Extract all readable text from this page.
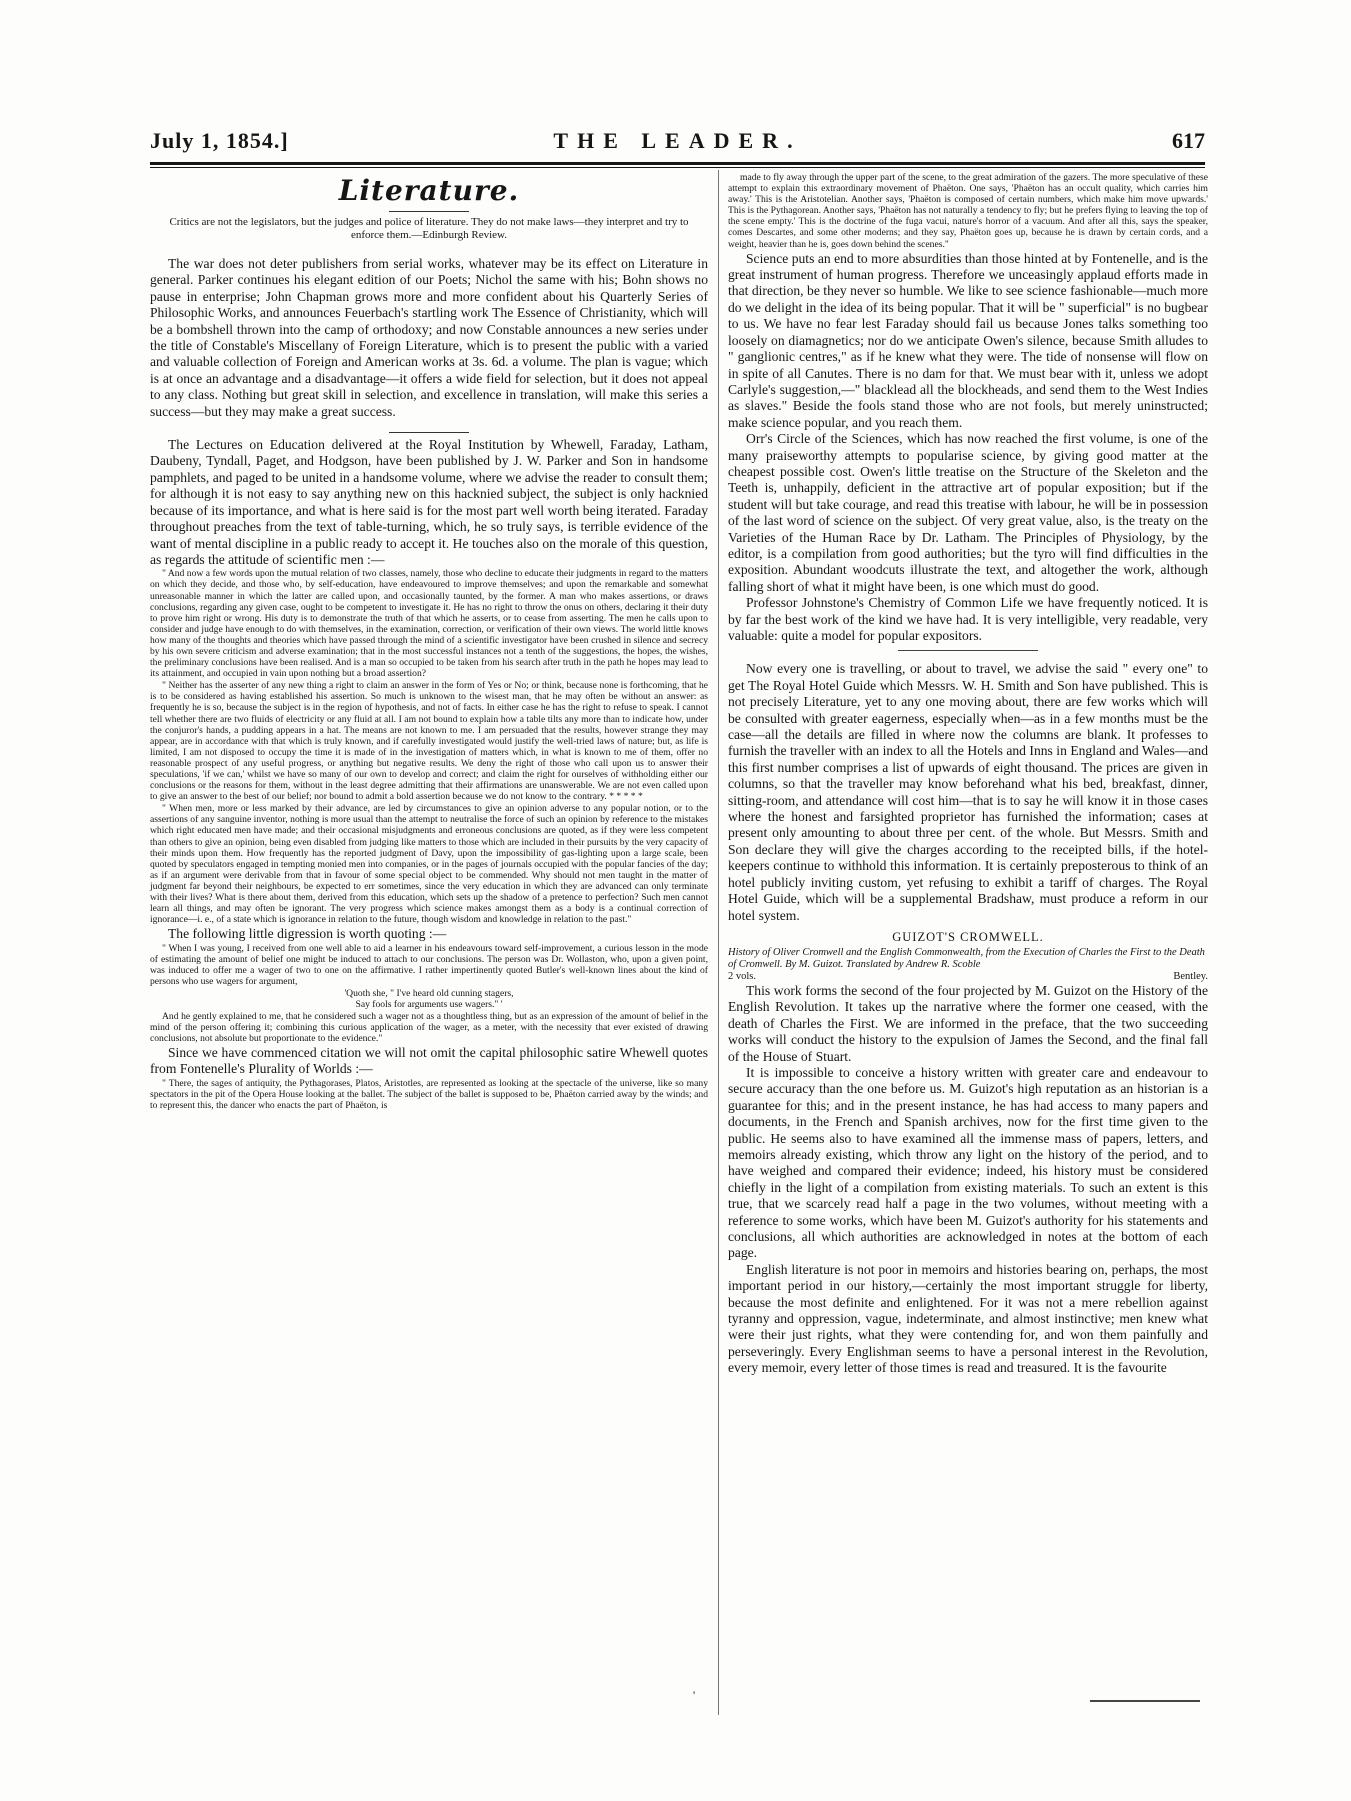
July 1, 1854.]	THE LEADER.	617
Literature.
Critics are not the legislators, but the judges and police of literature. They do not make laws—they interpret and try to enforce them.—Edinburgh Review.

The war does not deter publishers from serial works, whatever may be its effect on Literature in general. Parker continues his elegant edition of our Poets; Nichol the same with his; Bohn shows no pause in enterprise; John Chapman grows more and more confident about his Quarterly Series of Philosophic Works, and announces Feuerbach's startling work The Essence of Christianity, which will be a bombshell thrown into the camp of orthodoxy; and now Constable announces a new series under the title of Constable's Miscellany of Foreign Literature, which is to present the public with a varied and valuable collection of Foreign and American works at 3s. 6d. a volume. The plan is vague; which is at once an advantage and a disadvantage—it offers a wide field for selection, but it does not appeal to any class. Nothing but great skill in selection, and excellence in translation, will make this series a success—but they may make a great success.

The Lectures on Education delivered at the Royal Institution by Whewell, Faraday, Latham, Daubeny, Tyndall, Paget, and Hodgson, have been published by J. W. Parker and Son in handsome pamphlets, and paged to be united in a handsome volume, where we advise the reader to consult them; for although it is not easy to say anything new on this hacknied subject, the subject is only hacknied because of its importance, and what is here said is for the most part well worth being iterated. Faraday throughout preaches from the text of table-turning, which, he so truly says, is terrible evidence of the want of mental discipline in a public ready to accept it. He touches also on the morale of this question, as regards the attitude of scientific men :—

" And now a few words upon the mutual relation of two classes, namely, those who decline to educate their judgments in regard to the matters on which they decide, and those who, by self-education, have endeavoured to improve themselves; and upon the remarkable and somewhat unreasonable manner in which the latter are called upon, and occasionally taunted, by the former. A man who makes assertions, or draws conclusions, regarding any given case, ought to be competent to investigate it. He has no right to throw the onus on others, declaring it their duty to prove him right or wrong. His duty is to demonstrate the truth of that which he asserts, or to cease from asserting. The men he calls upon to consider and judge have enough to do with themselves, in the examination, correction, or verification of their own views. The world little knows how many of the thoughts and theories which have passed through the mind of a scientific investigator have been crushed in silence and secrecy by his own severe criticism and adverse examination; that in the most successful instances not a tenth of the suggestions, the hopes, the wishes, the preliminary conclusions have been realised. And is a man so occupied to be taken from his search after truth in the path he hopes may lead to its attainment, and occupied in vain upon nothing but a broad assertion?

" Neither has the asserter of any new thing a right to claim an answer in the form of Yes or No; or think, because none is forthcoming, that he is to be considered as having established his assertion. So much is unknown to the wisest man, that he may often be without an answer: as frequently he is so, because the subject is in the region of hypothesis, and not of facts. In either case he has the right to refuse to speak. I cannot tell whether there are two fluids of electricity or any fluid at all. I am not bound to explain how a table tilts any more than to indicate how, under the conjuror's hands, a pudding appears in a hat. The means are not known to me. I am persuaded that the results, however strange they may appear, are in accordance with that which is truly known, and if carefully investigated would justify the well-tried laws of nature; but, as life is limited, I am not disposed to occupy the time it is made of in the investigation of matters which, in what is known to me of them, offer no reasonable prospect of any useful progress, or anything but negative results. We deny the right of those who call upon us to answer their speculations, 'if we can,' whilst we have so many of our own to develop and correct; and claim the right for ourselves of withholding either our conclusions or the reasons for them, without in the least degree admitting that their affirmations are unanswerable. We are not even called upon to give an answer to the best of our belief; nor bound to admit a bold assertion because we do not know to the contrary. * * * * *

" When men, more or less marked by their advance, are led by circumstances to give an opinion adverse to any popular notion, or to the assertions of any sanguine inventor, nothing is more usual than the attempt to neutralise the force of such an opinion by reference to the mistakes which right educated men have made; and their occasional misjudgments and erroneous conclusions are quoted, as if they were less competent than others to give an opinion, being even disabled from judging like matters to those which are included in their pursuits by the very capacity of their minds upon them. How frequently has the reported judgment of Davy, upon the impossibility of gas-lighting upon a large scale, been quoted by speculators engaged in tempting monied men into companies, or in the pages of journals occupied with the popular fancies of the day; as if an argument were derivable from that in favour of some special object to be commended. Why should not men taught in the matter of judgment far beyond their neighbours, be expected to err sometimes, since the very education in which they are advanced can only terminate with their lives? What is there about them, derived from this education, which sets up the shadow of a pretence to perfection? Such men cannot learn all things, and may often be ignorant. The very progress which science makes amongst them as a body is a continual correction of ignorance—i. e., of a state which is ignorance in relation to the future, though wisdom and knowledge in relation to the past."

The following little digression is worth quoting :—

" When I was young, I received from one well able to aid a learner in his endeavours toward self-improvement, a curious lesson in the mode of estimating the amount of belief one might be induced to attach to our conclusions. The person was Dr. Wollaston, who, upon a given point, was induced to offer me a wager of two to one on the affirmative. I rather impertinently quoted Butler's well-known lines about the kind of persons who use wagers for argument,

'Quoth she, " I've heard old cunning stagers,
Say fools for arguments use wagers." '

And he gently explained to me, that he considered such a wager not as a thoughtless thing, but as an expression of the amount of belief in the mind of the person offering it; combining this curious application of the wager, as a meter, with the necessity that ever existed of drawing conclusions, not absolute but proportionate to the evidence."

Since we have commenced citation we will not omit the capital philosophic satire Whewell quotes from Fontenelle's Plurality of Worlds :—

" There, the sages of antiquity, the Pythagorases, Platos, Aristotles, are represented as looking at the spectacle of the universe, like so many spectators in the pit of the Opera House looking at the ballet. The subject of the ballet is supposed to be, Phaëton carried away by the winds; and to represent this, the dancer who enacts the part of Phaëton, is

made to fly away through the upper part of the scene, to the great admiration of the gazers. The more speculative of these attempt to explain this extraordinary movement of Phaëton. One says, 'Phaëton has an occult quality, which carries him away.' This is the Aristotelian. Another says, 'Phaëton is composed of certain numbers, which make him move upwards.' This is the Pythagorean. Another says, 'Phaëton has not naturally a tendency to fly; but he prefers flying to leaving the top of the scene empty.' This is the doctrine of the fuga vacui, nature's horror of a vacuum. And after all this, says the speaker, comes Descartes, and some other moderns; and they say, Phaëton goes up, because he is drawn by certain cords, and a weight, heavier than he is, goes down behind the scenes."

Science puts an end to more absurdities than those hinted at by Fontenelle, and is the great instrument of human progress. Therefore we unceasingly applaud efforts made in that direction, be they never so humble. We like to see science fashionable—much more do we delight in the idea of its being popular. That it will be " superficial" is no bugbear to us. We have no fear lest Faraday should fail us because Jones talks something too loosely on diamagnetics; nor do we anticipate Owen's silence, because Smith alludes to " ganglionic centres," as if he knew what they were. The tide of nonsense will flow on in spite of all Canutes. There is no dam for that. We must bear with it, unless we adopt Carlyle's suggestion,—" blacklead all the blockheads, and send them to the West Indies as slaves." Beside the fools stand those who are not fools, but merely uninstructed; make science popular, and you reach them.

Orr's Circle of the Sciences, which has now reached the first volume, is one of the many praiseworthy attempts to popularise science, by giving good matter at the cheapest possible cost. Owen's little treatise on the Structure of the Skeleton and the Teeth is, unhappily, deficient in the attractive art of popular exposition; but if the student will but take courage, and read this treatise with labour, he will be in possession of the last word of science on the subject. Of very great value, also, is the treaty on the Varieties of the Human Race by Dr. Latham. The Principles of Physiology, by the editor, is a compilation from good authorities; but the tyro will find difficulties in the exposition. Abundant woodcuts illustrate the text, and altogether the work, although falling short of what it might have been, is one which must do good.

Professor Johnstone's Chemistry of Common Life we have frequently noticed. It is by far the best work of the kind we have had. It is very intelligible, very readable, very valuable: quite a model for popular expositors.

Now every one is travelling, or about to travel, we advise the said " every one" to get The Royal Hotel Guide which Messrs. W. H. Smith and Son have published. This is not precisely Literature, yet to any one moving about, there are few works which will be consulted with greater eagerness, especially when—as in a few months must be the case—all the details are filled in where now the columns are blank. It professes to furnish the traveller with an index to all the Hotels and Inns in England and Wales—and this first number comprises a list of upwards of eight thousand. The prices are given in columns, so that the traveller may know beforehand what his bed, breakfast, dinner, sitting-room, and attendance will cost him—that is to say he will know it in those cases where the honest and farsighted proprietor has furnished the information; cases at present only amounting to about three per cent. of the whole. But Messrs. Smith and Son declare they will give the charges according to the receipted bills, if the hotel-keepers continue to withhold this information. It is certainly preposterous to think of an hotel publicly inviting custom, yet refusing to exhibit a tariff of charges. The Royal Hotel Guide, which will be a supplemental Bradshaw, must produce a reform in our hotel system.

GUIZOT'S CROMWELL.
History of Oliver Cromwell and the English Commonwealth, from the Execution of Charles the First to the Death of Cromwell. By M. Guizot. Translated by Andrew R. Scoble
2 vols.	Bentley.

This work forms the second of the four projected by M. Guizot on the History of the English Revolution. It takes up the narrative where the former one ceased, with the death of Charles the First. We are informed in the preface, that the two succeeding works will conduct the history to the expulsion of James the Second, and the final fall of the House of Stuart.

It is impossible to conceive a history written with greater care and endeavour to secure accuracy than the one before us. M. Guizot's high reputation as an historian is a guarantee for this; and in the present instance, he has had access to many papers and documents, in the French and Spanish archives, now for the first time given to the public. He seems also to have examined all the immense mass of papers, letters, and memoirs already existing, which throw any light on the history of the period, and to have weighed and compared their evidence; indeed, his history must be considered chiefly in the light of a compilation from existing materials. To such an extent is this true, that we scarcely read half a page in the two volumes, without meeting with a reference to some works, which have been M. Guizot's authority for his statements and conclusions, all which authorities are acknowledged in notes at the bottom of each page.

English literature is not poor in memoirs and histories bearing on, perhaps, the most important period in our history,—certainly the most important struggle for liberty, because the most definite and enlightened. For it was not a mere rebellion against tyranny and oppression, vague, indeterminate, and almost instinctive; men knew what were their just rights, what they were contending for, and won them painfully and perseveringly. Every Englishman seems to have a personal interest in the Revolution, every memoir, every letter of those times is read and treasured. It is the favourite

'
